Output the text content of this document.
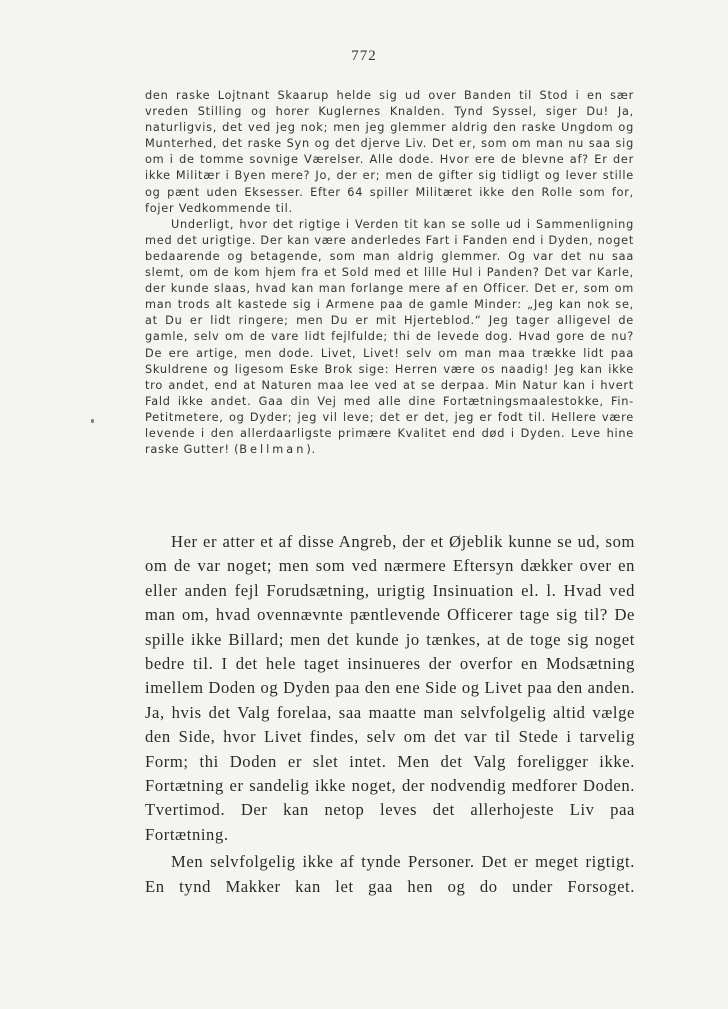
772

den raske Lojtnant Skaarup helde sig ud over Banden til Stod i en sær vreden Stilling og horer Kuglernes Knalden. Tynd Syssel, siger Du! Ja, naturligvis, det ved jeg nok; men jeg glemmer aldrig den raske Ungdom og Munterhed, det raske Syn og det djerve Liv. Det er, som om man nu saa sig om i de tomme sovnige Værelser. Alle dode. Hvor ere de blevne af? Er der ikke Militær i Byen mere? Jo, der er; men de gifter sig tidligt og lever stille og pænt uden Eksesser. Efter 64 spiller Militæret ikke den Rolle som for, fojer Vedkommende til.

Underligt, hvor det rigtige i Verden tit kan se solle ud i Sammenligning med det urigtige. Der kan være anderledes Fart i Fanden end i Dyden, noget bedaarende og betagende, som man aldrig glemmer. Og var det nu saa slemt, om de kom hjem fra et Sold med et lille Hul i Panden? Det var Karle, der kunde slaas, hvad kan man forlange mere af en Officer. Det er, som om man trods alt kastede sig i Armene paa de gamle Minder: „Jeg kan nok se, at Du er lidt ringere; men Du er mit Hjerteblod.“ Jeg tager alligevel de gamle, selv om de vare lidt fejlfulde; thi de levede dog. Hvad gore de nu? De ere artige, men dode. Livet, Livet! selv om man maa trække lidt paa Skuldrene og ligesom Eske Brok sige: Herren være os naadig! Jeg kan ikke tro andet, end at Naturen maa lee ved at se derpaa. Min Natur kan i hvert Fald ikke andet. Gaa din Vej med alle dine Fortætningsmaalestokke, Fin-Petitmetere, og Dyder; jeg vil leve; det er det, jeg er fodt til. Hellere være levende i den allerdaarligste primære Kvalitet end død i Dyden. Leve hine raske Gutter! (Bellman).

Her er atter et af disse Angreb, der et Øjeblik kunne se ud, som om de var noget; men som ved nærmere Eftersyn dækker over en eller anden fejl Forudsætning, urigtig Insinuation el. l. Hvad ved man om, hvad ovennævnte pæntlevende Officerer tage sig til? De spille ikke Billard; men det kunde jo tænkes, at de toge sig noget bedre til. I det hele taget insinueres der overfor en Modsætning imellem Doden og Dyden paa den ene Side og Livet paa den anden. Ja, hvis det Valg forelaa, saa maatte man selvfolgelig altid vælge den Side, hvor Livet findes, selv om det var til Stede i tarvelig Form; thi Doden er slet intet. Men det Valg foreligger ikke. Fortætning er sandelig ikke noget, der nodvendig medforer Doden. Tvertimod. Der kan netop leves det allerhojeste Liv paa Fortætning.

Men selvfolgelig ikke af tynde Personer. Det er meget rigtigt. En tynd Makker kan let gaa hen og do under Forsoget.
